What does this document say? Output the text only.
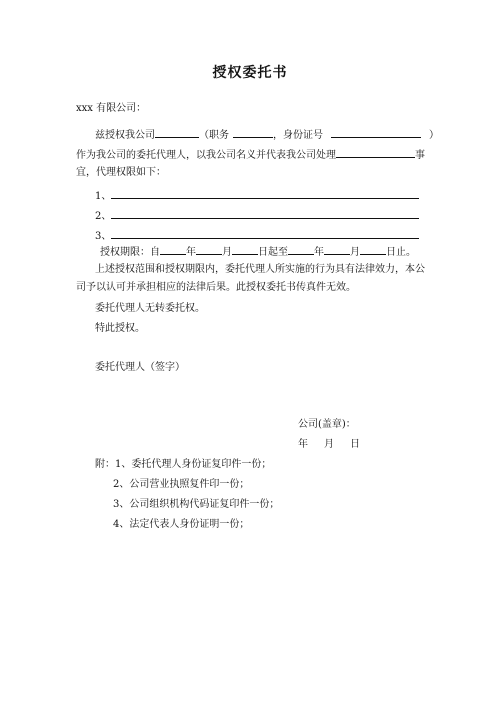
授权委托书
xxx 有限公司：
兹授权我公司	（职务	，身份证号	）
作为我公司的委托代理人，以我公司名义并代表我公司处理	事
宜，代理权限如下：
1、
2、
3、
授权期限：自	年	月	日起至	年	月	日止。
上述授权范围和授权期限内，委托代理人所实施的行为具有法律效力，本公
司予以认可并承担相应的法律后果。此授权委托书传真件无效。
委托代理人无转委托权。
特此授权。
委托代理人（签字）
公司(盖章)：
年 月 日
附：1、委托代理人身份证复印件一份；
2、公司营业执照复件印一份；
3、公司组织机构代码证复印件一份；
4、法定代表人身份证明一份；
